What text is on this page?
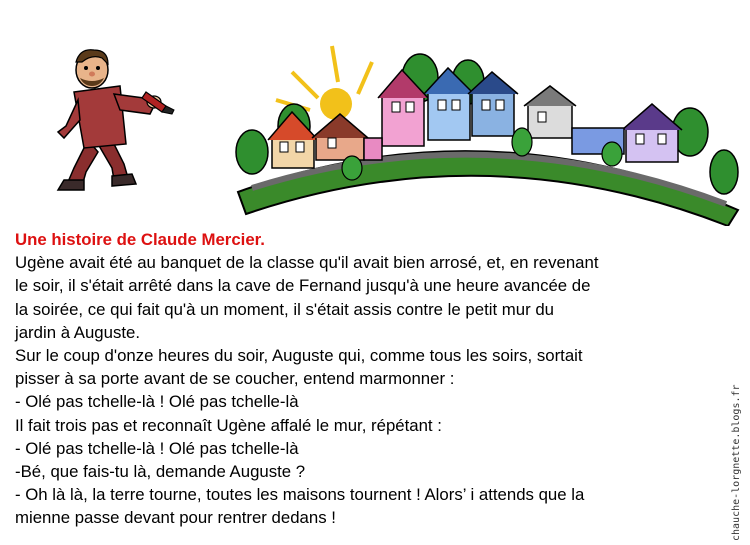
Une histoire de Claude Mercier.
Ugène avait été au banquet de la classe qu'il avait bien arrosé, et, en revenant
le soir, il s'était arrêté dans la cave de Fernand jusqu'à une heure avancée de
la soirée, ce qui fait qu'à un moment, il s'était assis contre le petit mur du
jardin à Auguste.
Sur le coup d'onze heures du soir, Auguste qui, comme tous les soirs, sortait
pisser à sa porte avant de se coucher, entend marmonner :
- Olé pas tchelle-là ! Olé pas tchelle-là
Il fait trois pas et reconnaît Ugène affalé le mur, répétant :
- Olé pas tchelle-là ! Olé pas tchelle-là
-Bé, que fais-tu là, demande Auguste ?
- Oh là là, la terre tourne, toutes les maisons tournent ! Alors’ i attends que la
mienne passe devant pour rentrer dedans !	chauche-lorgnette.blogs.fr
